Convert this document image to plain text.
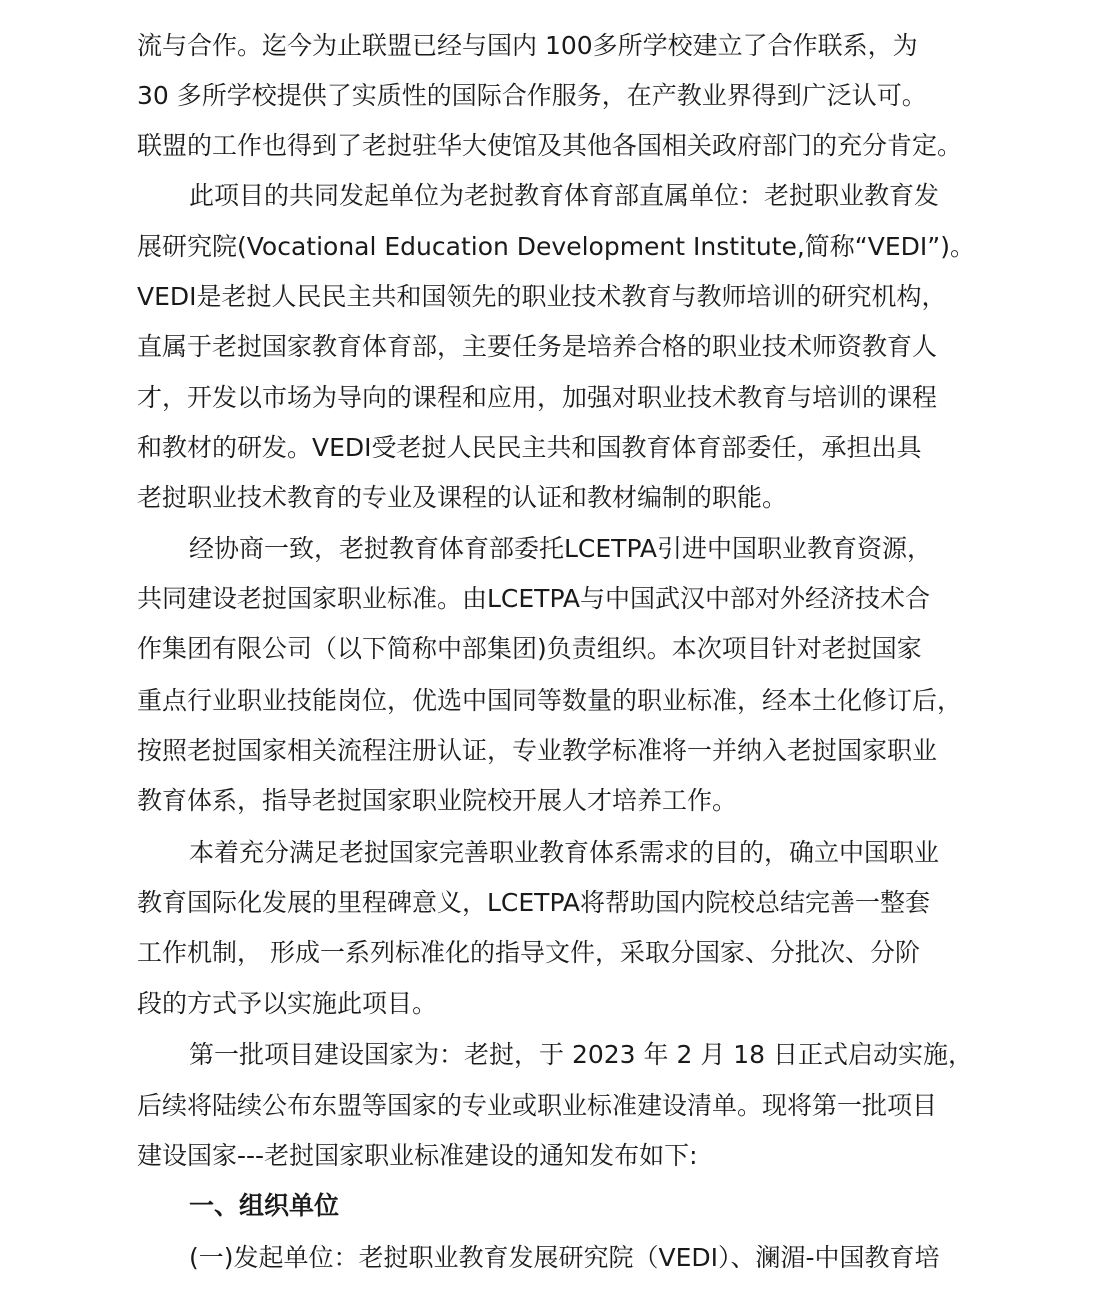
流与合作。迄今为止联盟已经与国内 100多所学校建立了合作联系，为
30 多所学校提供了实质性的国际合作服务，在产教业界得到广泛认可。
联盟的工作也得到了老挝驻华大使馆及其他各国相关政府部门的充分肯定。
此项目的共同发起单位为老挝教育体育部直属单位：老挝职业教育发
展研究院(Vocational Education Development Institute,简称“VEDI”)。
VEDI是老挝人民民主共和国领先的职业技术教育与教师培训的研究机构，
直属于老挝国家教育体育部，主要任务是培养合格的职业技术师资教育人
才，开发以市场为导向的课程和应用，加强对职业技术教育与培训的课程
和教材的研发。VEDI受老挝人民民主共和国教育体育部委任，承担出具
老挝职业技术教育的专业及课程的认证和教材编制的职能。
经协商一致，老挝教育体育部委托LCETPA引进中国职业教育资源，
共同建设老挝国家职业标准。由LCETPA与中国武汉中部对外经济技术合
作集团有限公司（以下简称中部集团)负责组织。本次项目针对老挝国家
重点行业职业技能岗位，优选中国同等数量的职业标准，经本土化修订后，
按照老挝国家相关流程注册认证，专业教学标准将一并纳入老挝国家职业
教育体系，指导老挝国家职业院校开展人才培养工作。
本着充分满足老挝国家完善职业教育体系需求的目的，确立中国职业
教育国际化发展的里程碑意义，LCETPA将帮助国内院校总结完善一整套
工作机制， 形成一系列标准化的指导文件，采取分国家、分批次、分阶
段的方式予以实施此项目。
第一批项目建设国家为：老挝，于 2023 年 2 月 18 日正式启动实施，
后续将陆续公布东盟等国家的专业或职业标准建设清单。现将第一批项目
建设国家---老挝国家职业标准建设的通知发布如下:
一、组织单位
(一)发起单位：老挝职业教育发展研究院（VEDI）、澜湄-中国教育培
